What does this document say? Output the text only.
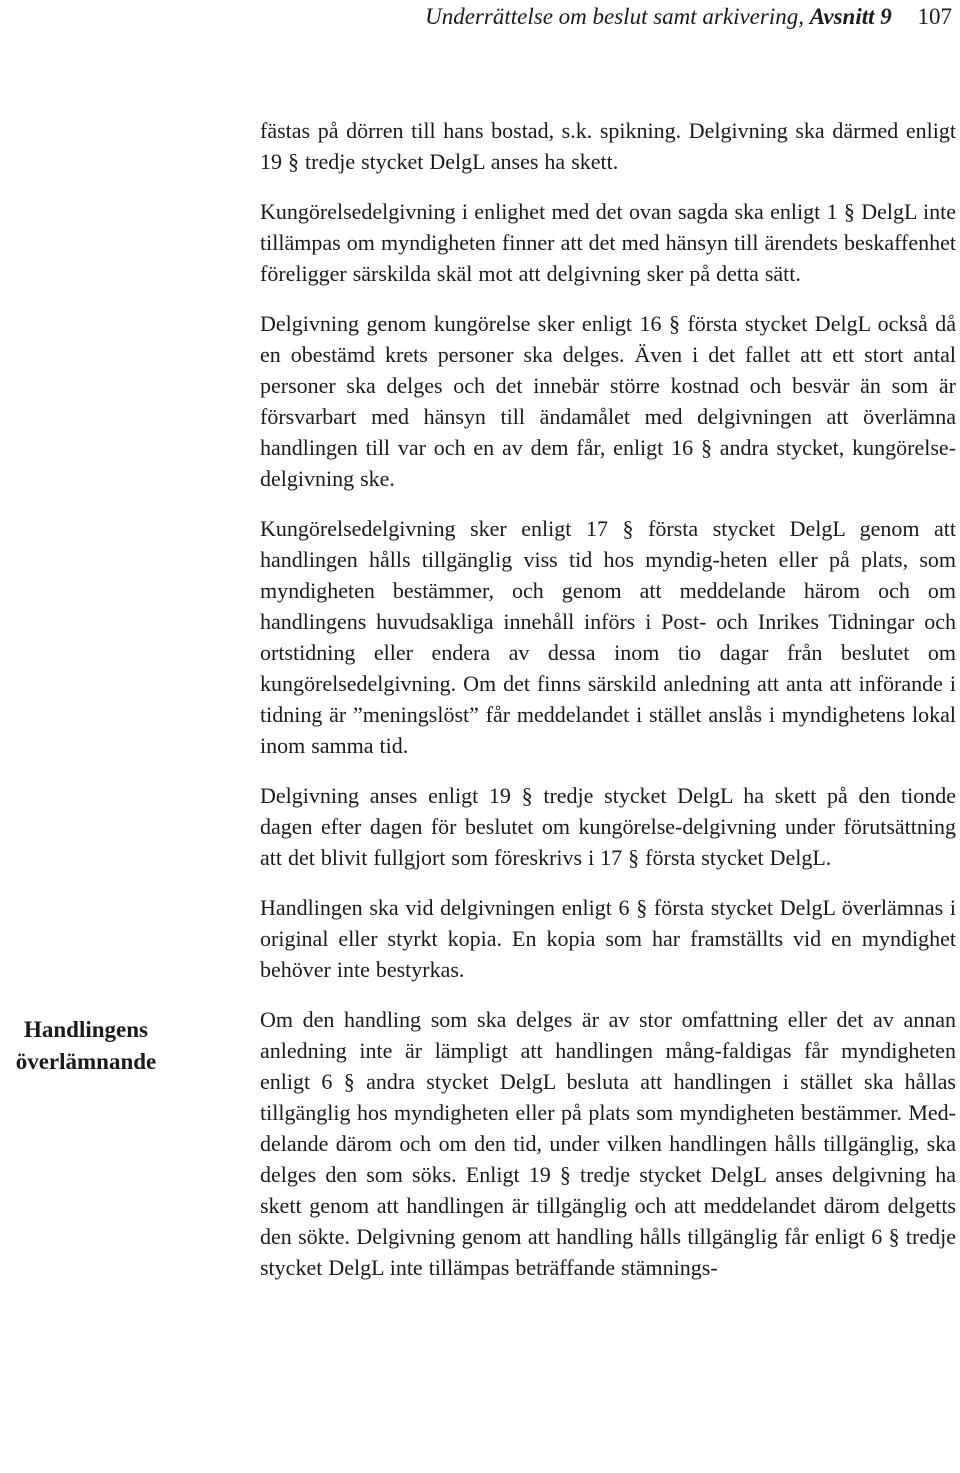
Underrättelse om beslut samt arkivering, Avsnitt 9 107
Handlingens
överlämnande

fästas på dörren till hans bostad, s.k. spikning. Delgivning ska därmed enligt 19 § tredje stycket DelgL anses ha skett.

Kungörelsedelgivning i enlighet med det ovan sagda ska enligt 1 § DelgL inte tillämpas om myndigheten finner att det med hänsyn till ärendets beskaffenhet föreligger särskilda skäl mot att delgivning sker på detta sätt.

Delgivning genom kungörelse sker enligt 16 § första stycket DelgL också då en obestämd krets personer ska delges. Även i det fallet att ett stort antal personer ska delges och det innebär större kostnad och besvär än som är försvarbart med hänsyn till ändamålet med delgivningen att överlämna handlingen till var och en av dem får, enligt 16 § andra stycket, kungörelse-delgivning ske.

Kungörelsedelgivning sker enligt 17 § första stycket DelgL genom att handlingen hålls tillgänglig viss tid hos myndig-heten eller på plats, som myndigheten bestämmer, och genom att meddelande härom och om handlingens huvudsakliga innehåll införs i Post- och Inrikes Tidningar och ortstidning eller endera av dessa inom tio dagar från beslutet om kungörelsedelgivning. Om det finns särskild anledning att anta att införande i tidning är ”meningslöst” får meddelandet i stället anslås i myndighetens lokal inom samma tid.

Delgivning anses enligt 19 § tredje stycket DelgL ha skett på den tionde dagen efter dagen för beslutet om kungörelse-delgivning under förutsättning att det blivit fullgjort som föreskrivs i 17 § första stycket DelgL.

Handlingen ska vid delgivningen enligt 6 § första stycket DelgL överlämnas i original eller styrkt kopia. En kopia som har framställts vid en myndighet behöver inte bestyrkas.

Om den handling som ska delges är av stor omfattning eller det av annan anledning inte är lämpligt att handlingen mång-faldigas får myndigheten enligt 6 § andra stycket DelgL besluta att handlingen i stället ska hållas tillgänglig hos myndigheten eller på plats som myndigheten bestämmer. Med-delande därom och om den tid, under vilken handlingen hålls tillgänglig, ska delges den som söks. Enligt 19 § tredje stycket DelgL anses delgivning ha skett genom att handlingen är tillgänglig och att meddelandet därom delgetts den sökte. Delgivning genom att handling hålls tillgänglig får enligt 6 § tredje stycket DelgL inte tillämpas beträffande stämnings-
